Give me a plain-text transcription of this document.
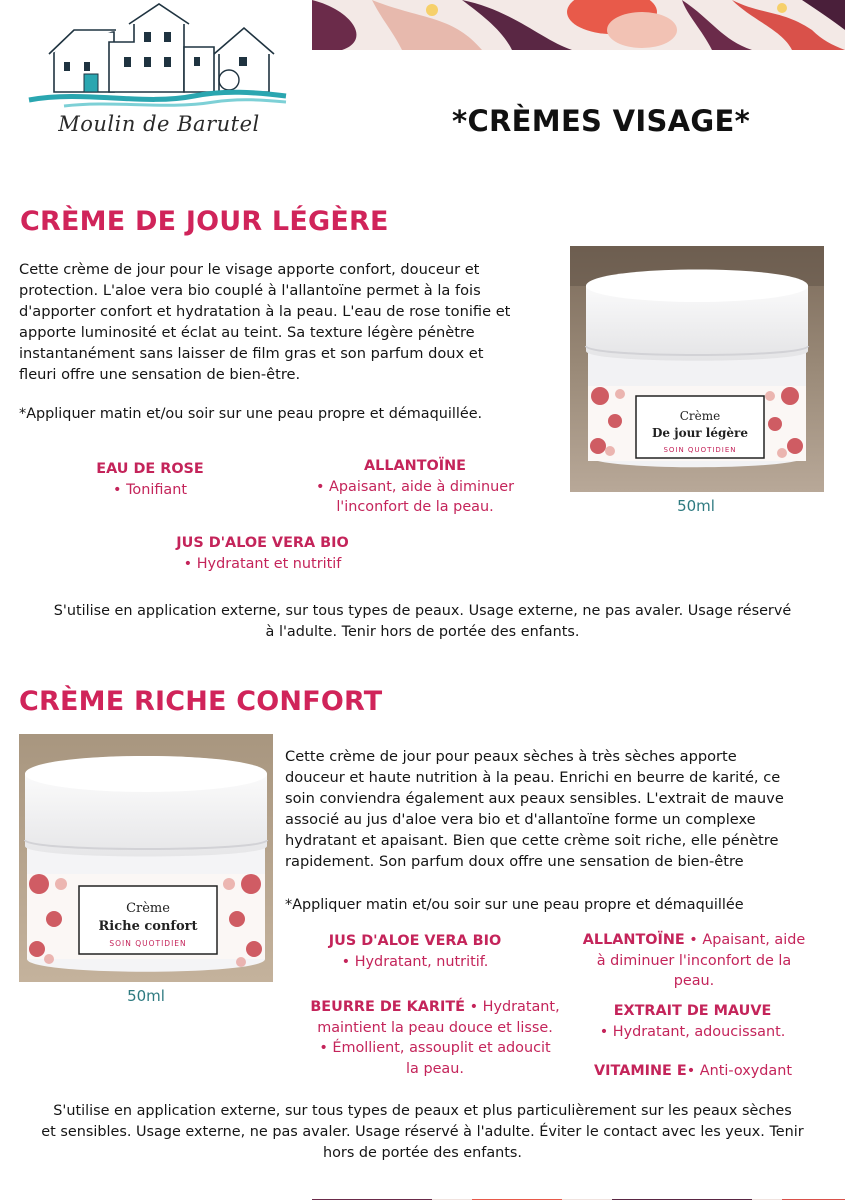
Moulin de Barutel	*CRÈMES VISAGE*
CRÈME DE JOUR LÉGÈRE
Cette crème de jour pour le visage apporte confort, douceur et
protection. L'aloe vera bio couplé à l'allantoïne permet à la fois
d'apporter confort et hydratation à la peau. L'eau de rose tonifie et
apporte luminosité et éclat au teint. Sa texture légère pénètre
instantanément sans laisser de film gras et son parfum doux et
fleuri offre une sensation de bien-être.
*Appliquer matin et/ou soir sur une peau propre et démaquillée.
EAU DE ROSE
• Tonifiant
ALLANTOÏNE
• Apaisant, aide à diminuer
l'inconfort de la peau.
JUS D'ALOE VERA BIO
• Hydratant et nutritif
Crème
De jour légère
SOIN QUOTIDIEN
50ml
S'utilise en application externe, sur tous types de peaux. Usage externe, ne pas avaler. Usage réservé
à l'adulte. Tenir hors de portée des enfants.
CRÈME RICHE CONFORT
Crème
Riche confort
SOIN QUOTIDIEN
50ml
Cette crème de jour pour peaux sèches à très sèches apporte
douceur et haute nutrition à la peau. Enrichi en beurre de karité, ce
soin conviendra également aux peaux sensibles. L'extrait de mauve
associé au jus d'aloe vera bio et d'allantoïne forme un complexe
hydratant et apaisant. Bien que cette crème soit riche, elle pénètre
rapidement. Son parfum doux offre une sensation de bien-être
*Appliquer matin et/ou soir sur une peau propre et démaquillée
JUS D'ALOE VERA BIO
• Hydratant, nutritif.
ALLANTOÏNE • Apaisant, aide
à diminuer l'inconfort de la
peau.
BEURRE DE KARITÉ • Hydratant,
maintient la peau douce et lisse.
• Émollient, assouplit et adoucit
la peau.
EXTRAIT DE MAUVE
• Hydratant, adoucissant.
VITAMINE E• Anti-oxydant
S'utilise en application externe, sur tous types de peaux et plus particulièrement sur les peaux sèches
et sensibles. Usage externe, ne pas avaler. Usage réservé à l'adulte. Éviter le contact avec les yeux. Tenir
hors de portée des enfants.
